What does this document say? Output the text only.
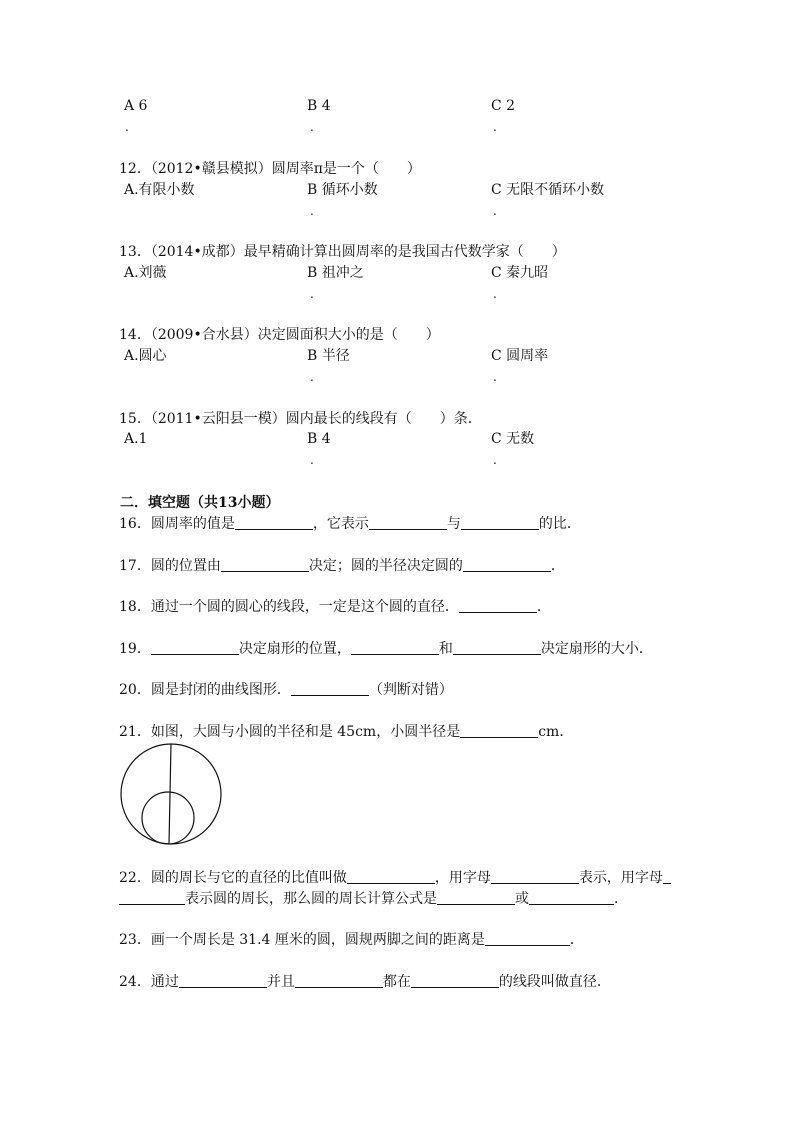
A 6	B 4	C 2
.	.	.
12．（2012•赣县模拟）圆周率π是一个（　　）
A.有限小数	B 循环小数	C 无限不循环小数
.	.
13．（2014•成都）最早精确计算出圆周率的是我国古代数学家（　　）
A.刘薇	B 祖冲之	C 秦九昭
.	.
14．（2009•合水县）决定圆面积大小的是（　　）
A.圆心	B 半径	C 圆周率
.	.
15．（2011•云阳县一模）圆内最长的线段有（　　）条．
A.1	B 4	C 无数
.	.
二．填空题（共13小题）
16．圆周率的值是	，它表示	与	的比．
17．圆的位置由	决定；圆的半径决定圆的	．
18．通过一个圆的圆心的线段，一定是这个圆的直径．	．
19．	决定扇形的位置，	和	决定扇形的大小．
20．圆是封闭的曲线图形．	（判断对错）
21．如图，大圆与小圆的半径和是 45cm，小圆半径是	cm．
22．圆的周长与它的直径的比值叫做	，用字母	表示，用字母
表示圆的周长，那么圆的周长计算公式是	或	．
23．画一个周长是 31.4 厘米的圆，圆规两脚之间的距离是	．
24．通过	并且	都在	的线段叫做直径．
